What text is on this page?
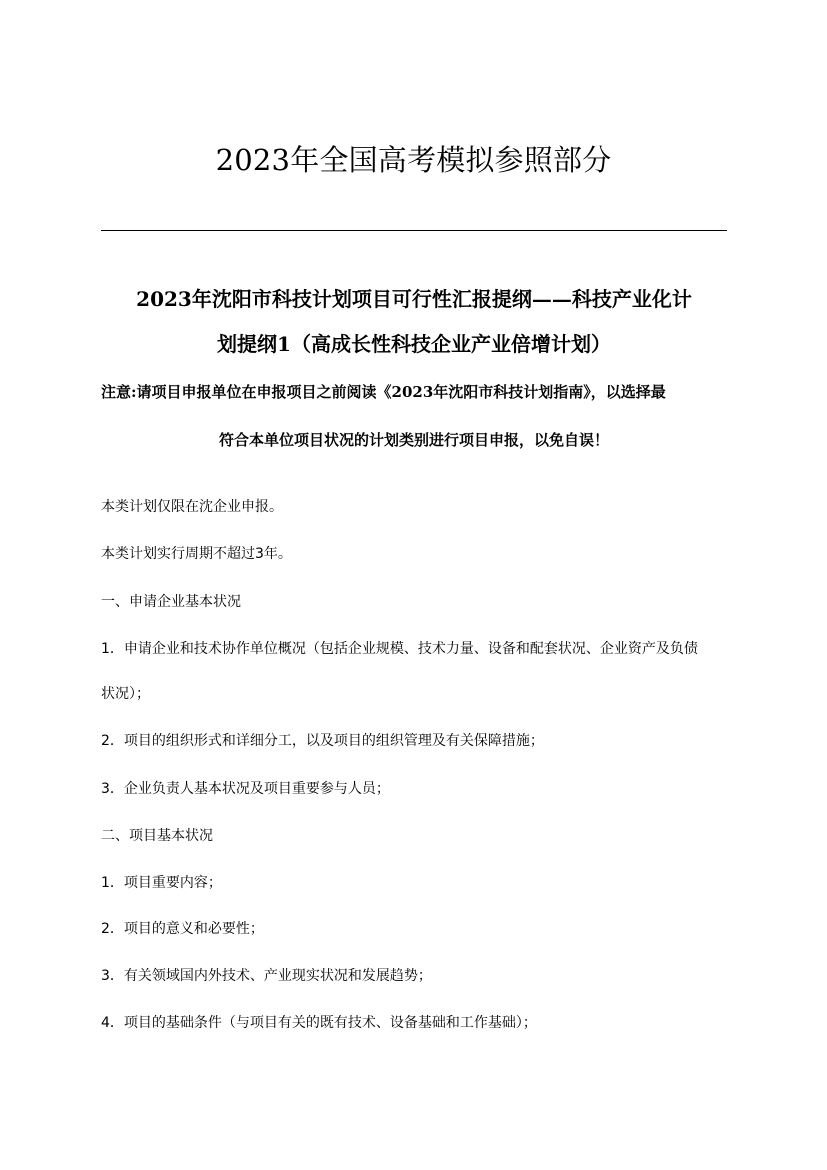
2023年全国高考模拟参照部分
2023年沈阳市科技计划项目可行性汇报提纲——科技产业化计
划提纲1（高成长性科技企业产业倍增计划）
注意:请项目申报单位在申报项目之前阅读《2023年沈阳市科技计划指南》，以选择最
符合本单位项目状况的计划类别进行项目申报，以免自误！
本类计划仅限在沈企业申报。
本类计划实行周期不超过3年。
一、申请企业基本状况
1．申请企业和技术协作单位概况（包括企业规模、技术力量、设备和配套状况、企业资产及负债
状况）；
2．项目的组织形式和详细分工，以及项目的组织管理及有关保障措施；
3．企业负责人基本状况及项目重要参与人员；
二、项目基本状况
1．项目重要内容；
2．项目的意义和必要性；
3．有关领域国内外技术、产业现实状况和发展趋势；
4．项目的基础条件（与项目有关的既有技术、设备基础和工作基础）；
